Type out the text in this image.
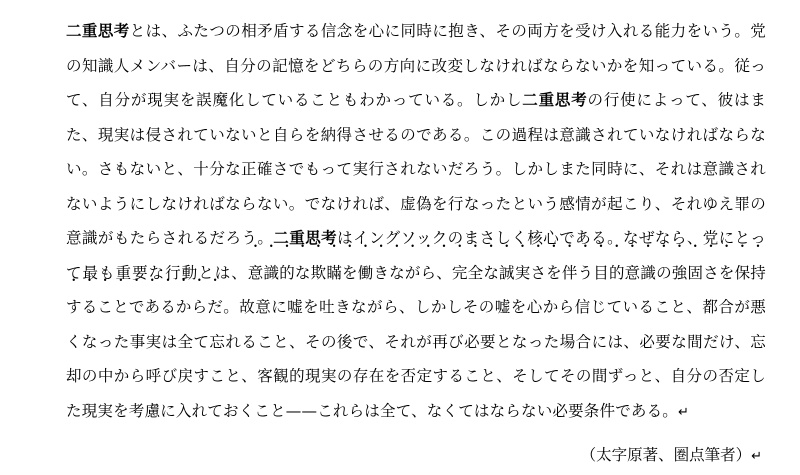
二重思考とは、ふたつの相矛盾する信念を心に同時に抱き、その両方を受け入れる能力をいう。党の知識人メンバーは、自分の記憶をどちらの方向に改変しなければならないかを知っている。従って、自分が現実を誤魔化していることもわかっている。しかし二重思考の行使によって、彼はまた、現実は侵されていないと自らを納得させるのである。この過程は意識されていなければならない。さもないと、十分な正確さでもって実行されないだろう。しかしまた同時に、それは意識されないようにしなければならない。でなければ、虚偽を行なったという感情が起こり、それゆえ罪の意識がもたらされるだろう。二重思考はイングソックのまさしく核心である。なぜなら、党にとって最も重要な行動とは、意識的な欺瞞を働きながら• 、完全な誠実さを伴う目的意識の強固さを保持することであるからだ。故意に嘘を吐きながら、しかしその嘘を心から信じていること、都合が悪くなった事実は全て忘れること、その後で、それが再び必要となった場合には、必要な間だけ、忘却の中から呼び戻すこと、客観的現実の存在を否定すること、そしてその間ずっと、自分の否定した現実を考慮に入れておくこと——これらは全て、なくてはならない必要条件である。↵

（太字原著、圏点筆者）↵
